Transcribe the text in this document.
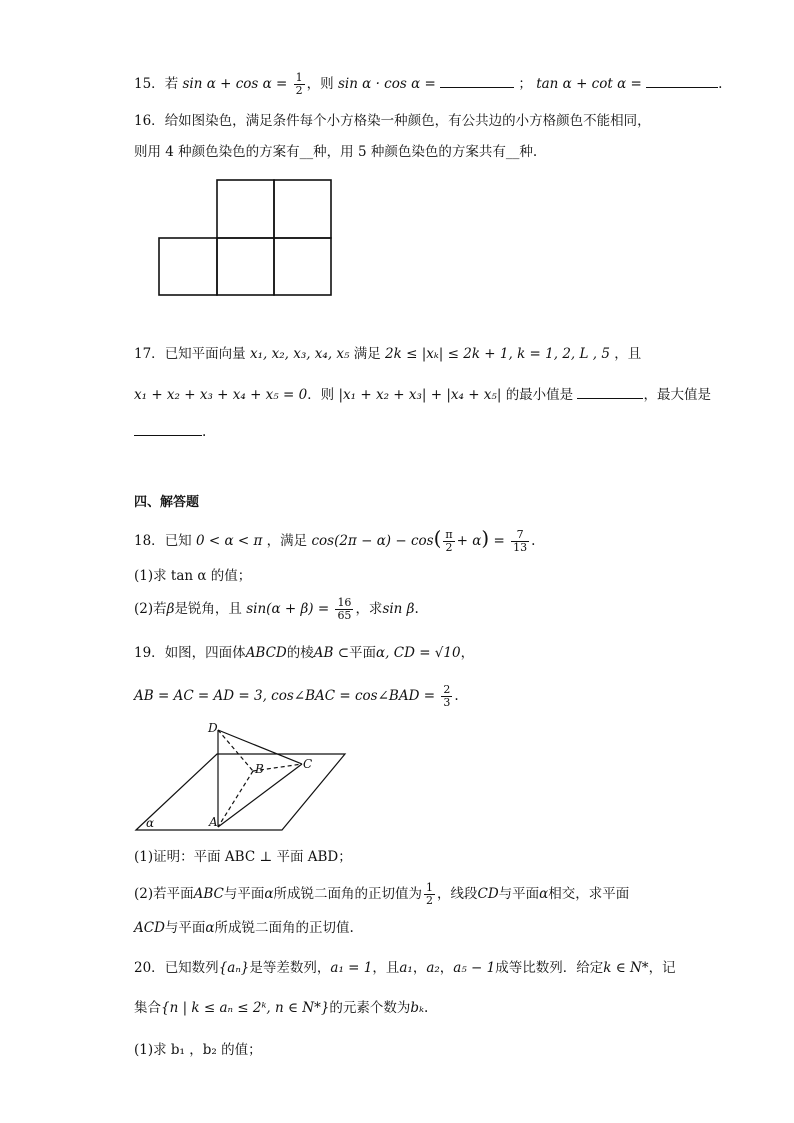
15．若 $\sin \alpha + \cos \alpha = \frac{1}{2}$ ，则 sin α · cos α =	； tan α + cot α =	.
16．给如图染色，满足条件每个小方格染一种颜色，有公共边的小方格颜色不能相同，
则用 4 种颜色染色的方案有__种，用 5 种颜色染色的方案共有__种.
17．已知平面向量 x₁, x₂, x₃, x₄, x₅ 满足 2k ≤ |xₖ| ≤ 2k + 1, k = 1, 2, L , 5 ，且
x₁ + x₂ + x₃ + x₄ + x₅ = 0．则 |x₁ + x₂ + x₃| + |x₄ + x₅| 的最小值是	，最大值是
.
四、解答题
18．已知 0 < α < π ，满足 $\cos(2\pi - \alpha) - \cos( \frac{\pi}{2} + \alpha) = \frac{7}{13}$ .
(1)求 tan α 的值；
(2)若β是锐角，且 $\sin(\alpha + \beta) = \frac{16}{65}$ ，求sin β.
19．如图，四面体ABCD的棱AB ⊂平面α, CD = √10，
AB = AC = AD = 3, cos∠BAC = cos∠BAD = $\frac{2}{3}$ .
D
B	C
A
α
(1)证明：平面 ABC ⊥ 平面 ABD；
(2)若平面ABC与平面α所成锐二面角的正切值为 $\frac{1}{2}$ ，线段CD与平面α相交，求平面
ACD与平面α所成锐二面角的正切值.
20．已知数列{aₙ}是等差数列，a₁ = 1，且a₁，a₂，a₅ − 1成等比数列．给定k ∈ N*，记
集合{n | k ≤ aₙ ≤ 2ᵏ, n ∈ N*}的元素个数为bₖ.
(1)求 b₁ ，b₂ 的值；
